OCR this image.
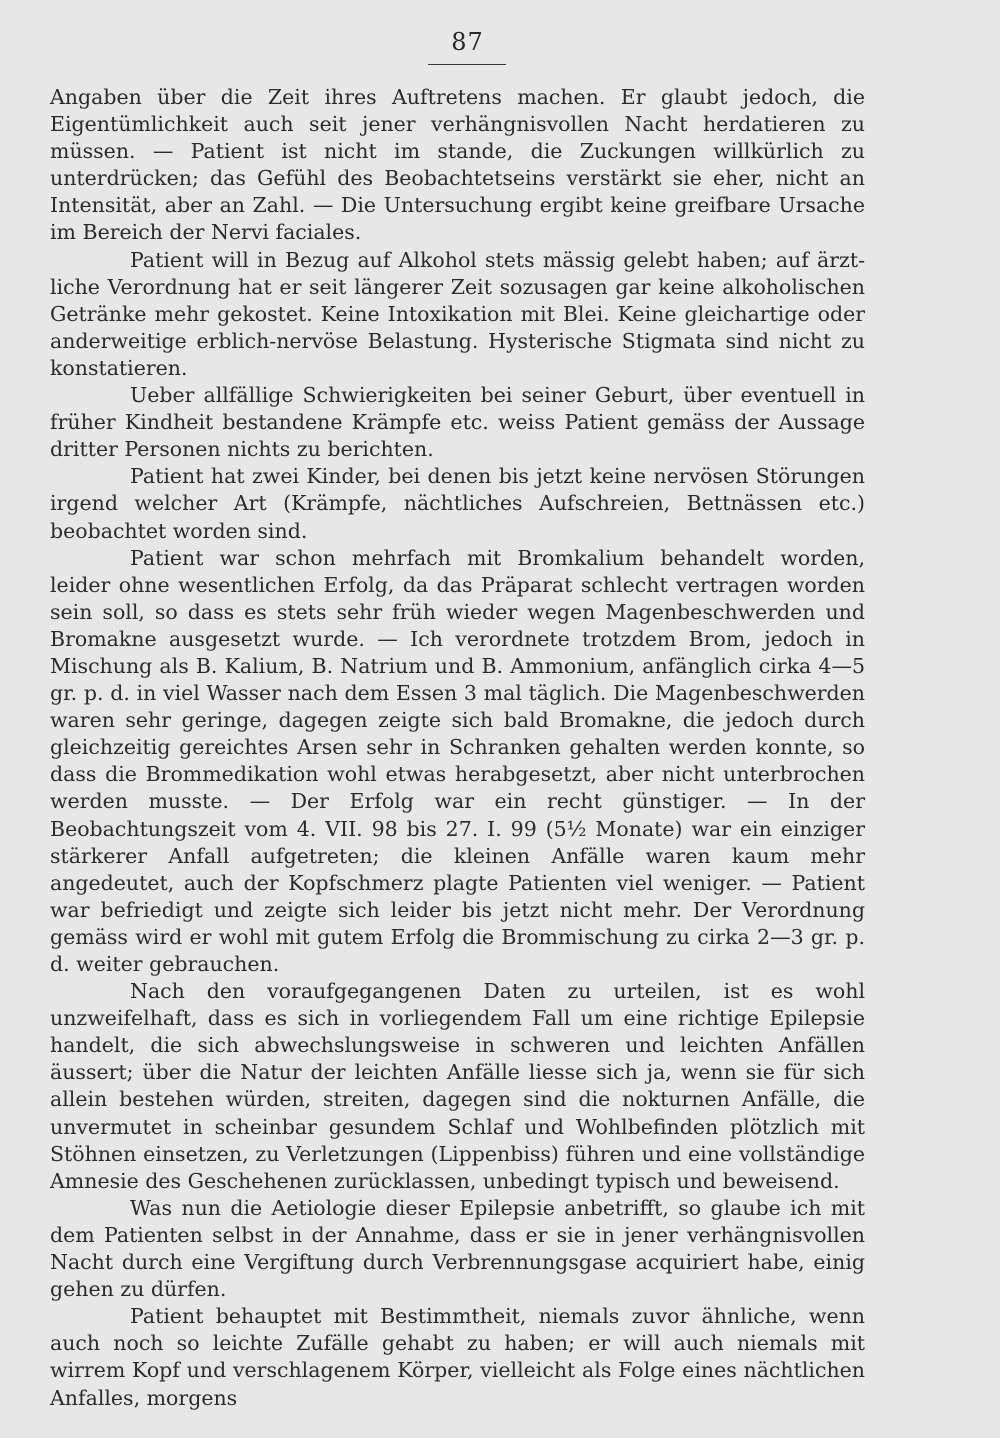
87

Angaben über die Zeit ihres Auftretens machen. Er glaubt jedoch, die Eigentümlichkeit auch seit jener verhängnisvollen Nacht herdatieren zu müssen. — Patient ist nicht im stande, die Zuckungen willkürlich zu unterdrücken; das Gefühl des Beobachtetseins verstärkt sie eher, nicht an Intensität, aber an Zahl. — Die Untersuchung ergibt keine greifbare Ursache im Bereich der Nervi faciales.

Patient will in Bezug auf Alkohol stets mässig gelebt haben; auf ärztliche Verordnung hat er seit längerer Zeit sozusagen gar keine alkoholischen Getränke mehr gekostet. Keine Intoxikation mit Blei. Keine gleichartige oder anderweitige erblich-nervöse Belastung. Hysterische Stigmata sind nicht zu konstatieren.

Ueber allfällige Schwierigkeiten bei seiner Geburt, über eventuell in früher Kindheit bestandene Krämpfe etc. weiss Patient gemäss der Aussage dritter Personen nichts zu berichten.

Patient hat zwei Kinder, bei denen bis jetzt keine nervösen Störungen irgend welcher Art (Krämpfe, nächtliches Aufschreien, Bettnässen etc.) beobachtet worden sind.

Patient war schon mehrfach mit Bromkalium behandelt worden, leider ohne wesentlichen Erfolg, da das Präparat schlecht vertragen worden sein soll, so dass es stets sehr früh wieder wegen Magenbeschwerden und Bromakne ausgesetzt wurde. — Ich verordnete trotzdem Brom, jedoch in Mischung als B. Kalium, B. Natrium und B. Ammonium, anfänglich cirka 4—5 gr. p. d. in viel Wasser nach dem Essen 3 mal täglich. Die Magenbeschwerden waren sehr geringe, dagegen zeigte sich bald Bromakne, die jedoch durch gleichzeitig gereichtes Arsen sehr in Schranken gehalten werden konnte, so dass die Brommedikation wohl etwas herabgesetzt, aber nicht unterbrochen werden musste. — Der Erfolg war ein recht günstiger. — In der Beobachtungszeit vom 4. VII. 98 bis 27. I. 99 (5½ Monate) war ein einziger stärkerer Anfall aufgetreten; die kleinen Anfälle waren kaum mehr angedeutet, auch der Kopfschmerz plagte Patienten viel weniger. — Patient war befriedigt und zeigte sich leider bis jetzt nicht mehr. Der Verordnung gemäss wird er wohl mit gutem Erfolg die Brommischung zu cirka 2—3 gr. p. d. weiter gebrauchen.

Nach den voraufgegangenen Daten zu urteilen, ist es wohl unzweifelhaft, dass es sich in vorliegendem Fall um eine richtige Epilepsie handelt, die sich abwechslungsweise in schweren und leichten Anfällen äussert; über die Natur der leichten Anfälle liesse sich ja, wenn sie für sich allein bestehen würden, streiten, dagegen sind die nokturnen Anfälle, die unvermutet in scheinbar gesundem Schlaf und Wohlbefinden plötzlich mit Stöhnen einsetzen, zu Verletzungen (Lippenbiss) führen und eine vollständige Amnesie des Geschehenen zurücklassen, unbedingt typisch und beweisend.

Was nun die Aetiologie dieser Epilepsie anbetrifft, so glaube ich mit dem Patienten selbst in der Annahme, dass er sie in jener verhängnisvollen Nacht durch eine Vergiftung durch Verbrennungsgase acquiriert habe, einig gehen zu dürfen.

Patient behauptet mit Bestimmtheit, niemals zuvor ähnliche, wenn auch noch so leichte Zufälle gehabt zu haben; er will auch niemals mit wirrem Kopf und verschlagenem Körper, vielleicht als Folge eines nächtlichen Anfalles, morgens
